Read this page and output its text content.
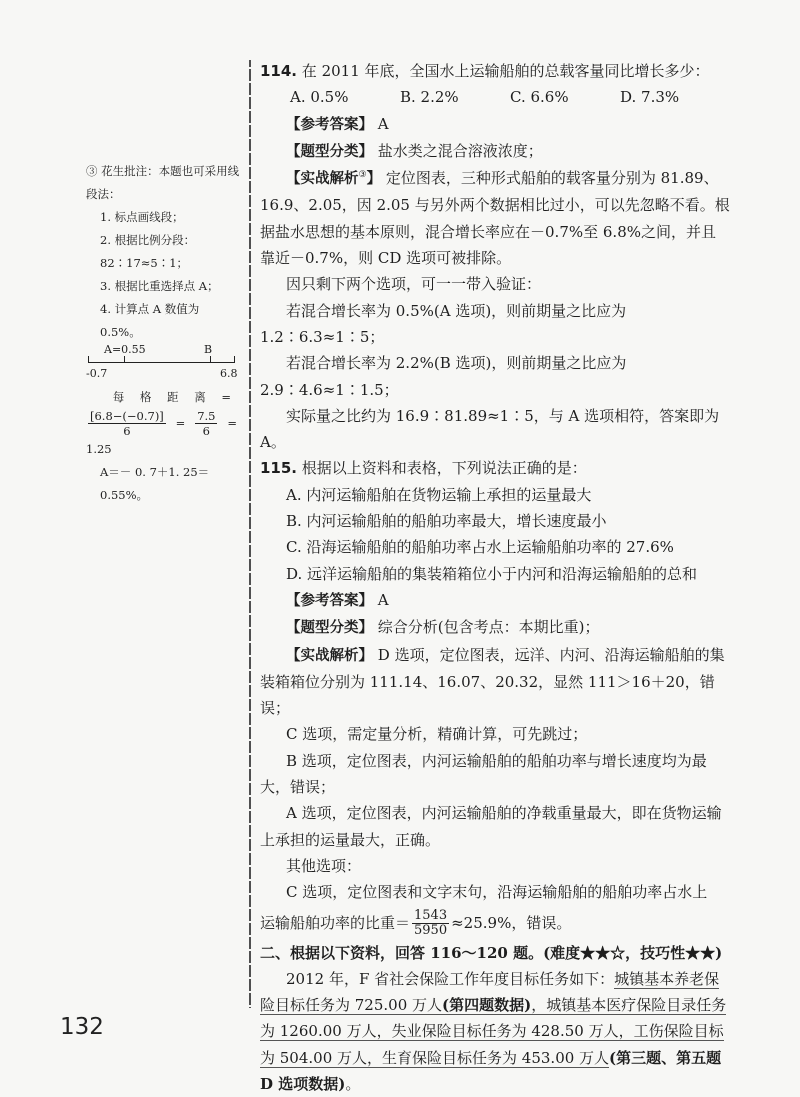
③ 花生批注：本题也可采用线段法：

1. 标点画线段；

2. 根据比例分段：82∶17≈5∶1；

3. 根据比重选择点 A；

4. 计算点 A 数值为 0.5%。

A=0.55	B
-0.7	6.8

每 格 距 离 =

$\frac{[6.8-(-0.7)]}{6} = \frac{7.5}{6}$ =

1.25

A＝－ 0. 7＋1. 25＝ 0.55%。

114. 在 2011 年底，全国水上运输船舶的总载客量同比增长多少：

A. 0.5%	B. 2.2%	C. 6.6%	D. 7.3%

【参考答案】 A

【题型分类】 盐水类之混合溶液浓度；

【实战解析③】 定位图表，三种形式船舶的载客量分别为 81.89、16.9、2.05，因 2.05 与另外两个数据相比过小，可以先忽略不看。根据盐水思想的基本原则，混合增长率应在－0.7%至 6.8%之间，并且靠近－0.7%，则 CD 选项可被排除。

因只剩下两个选项，可一一带入验证：

若混合增长率为 0.5%(A 选项)，则前期量之比应为 1.2∶6.3≈1∶5；

若混合增长率为 2.2%(B 选项)，则前期量之比应为 2.9∶4.6≈1∶1.5；

实际量之比约为 16.9∶81.89≈1∶5，与 A 选项相符，答案即为 A。

115. 根据以上资料和表格，下列说法正确的是：

A. 内河运输船舶在货物运输上承担的运量最大

B. 内河运输船舶的船舶功率最大，增长速度最小

C. 沿海运输船舶的船舶功率占水上运输船舶功率的 27.6%

D. 远洋运输船舶的集装箱箱位小于内河和沿海运输船舶的总和

【参考答案】 A

【题型分类】 综合分析(包含考点：本期比重)；

【实战解析】 D 选项，定位图表，远洋、内河、沿海运输船舶的集装箱箱位分别为 111.14、16.07、20.32，显然 111＞16＋20，错误；

C 选项，需定量分析，精确计算，可先跳过；

B 选项，定位图表，内河运输船舶的船舶功率与增长速度均为最大，错误；

A 选项，定位图表，内河运输船舶的净载重量最大，即在货物运输上承担的运量最大，正确。

其他选项：

C 选项，定位图表和文字末句，沿海运输船舶的船舶功率占水上

运输船舶功率的比重＝ $\frac{1543}{5950} \approx 25.9\%$，错误。

二、根据以下资料，回答 116～120 题。(难度★★☆，技巧性★★)

2012 年，F 省社会保险工作年度目标任务如下：城镇基本养老保险目标任务为 725.00 万人(第四题数据)，城镇基本医疗保险目录任务为 1260.00 万人，失业保险目标任务为 428.50 万人，工伤保险目标为 504.00 万人，生育保险目标任务为 453.00 万人(第三题、第五题 D 选项数据)。

132
